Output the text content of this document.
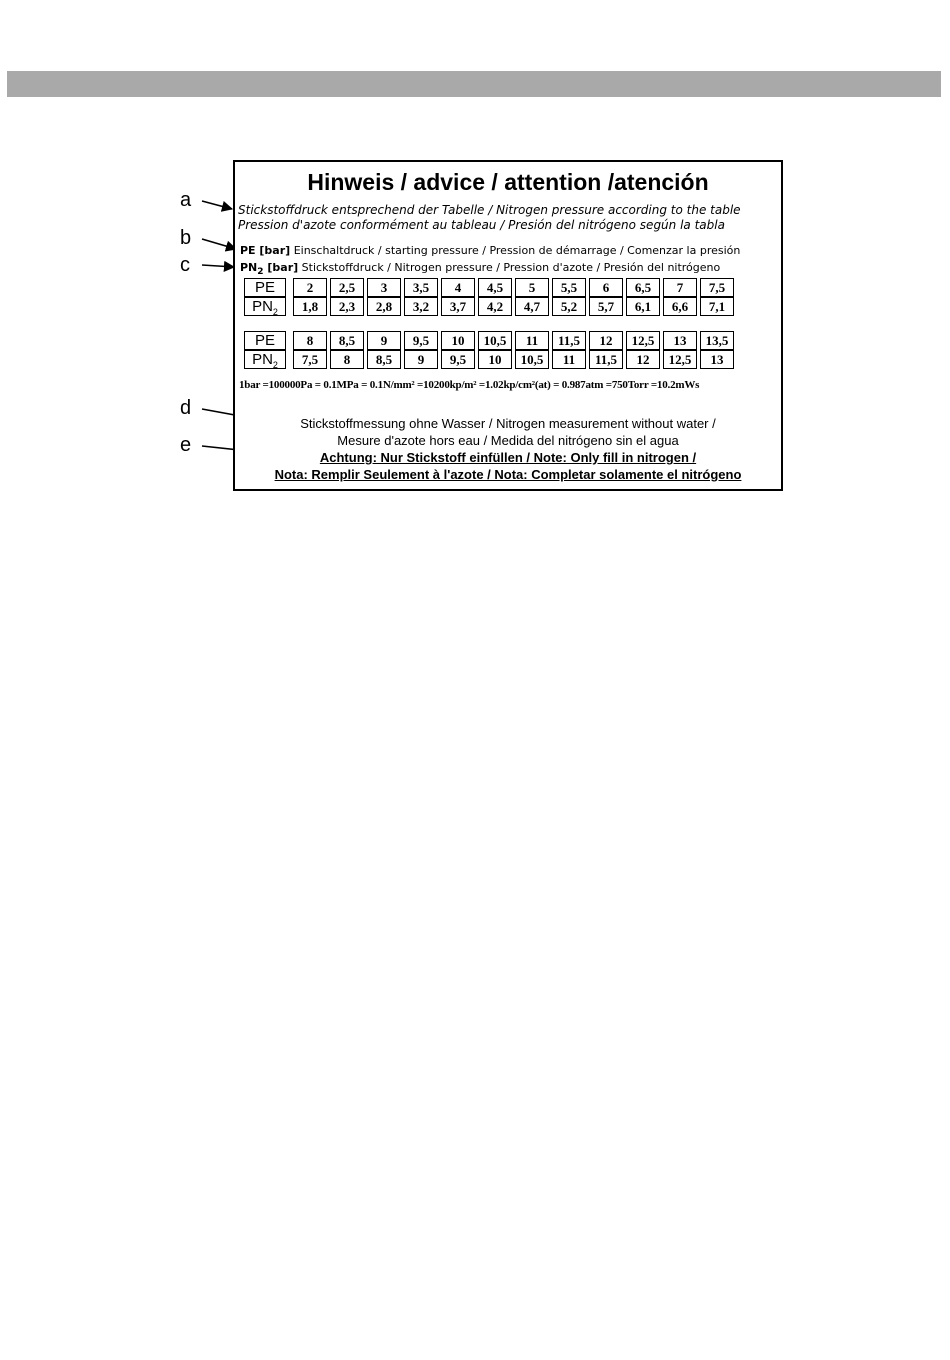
a
b
c
d
e
Hinweis / advice / attention /atención
Stickstoffdruck entsprechend der Tabelle / Nitrogen pressure according to the table
Pression d'azote conformément au tableau / Presión del nitrógeno según la tabla
PE [bar] Einschaltdruck / starting pressure / Pression de démarrage / Comenzar la presión
$PN_2$ [bar] Stickstoffdruck / Nitrogen pressure / Pression d'azote / Presión del nitrógeno
PE		2	2,5	3	3,5	4	4,5	5	5,5	6	6,5	7	7,5
$PN_2$		1,8	2,3	2,8	3,2	3,7	4,2	4,7	5,2	5,7	6,1	6,6	7,1
PE		8	8,5	9	9,5	10	10,5	11	11,5	12	12,5	13	13,5
$PN_2$		7,5	8	8,5	9	9,5	10	10,5	11	11,5	12	12,5	13
1bar =100000Pa = 0.1MPa = 0.1N/mm² =10200kp/m² =1.02kp/cm²(at) = 0.987atm =750Torr =10.2mWs
Stickstoffmessung ohne Wasser / Nitrogen measurement without water /
Mesure d'azote hors eau / Medida del nitrógeno sin el agua
Achtung: Nur Stickstoff einfüllen / Note: Only fill in nitrogen /
Nota: Remplir Seulement à l'azote / Nota: Completar solamente el nitrógeno
